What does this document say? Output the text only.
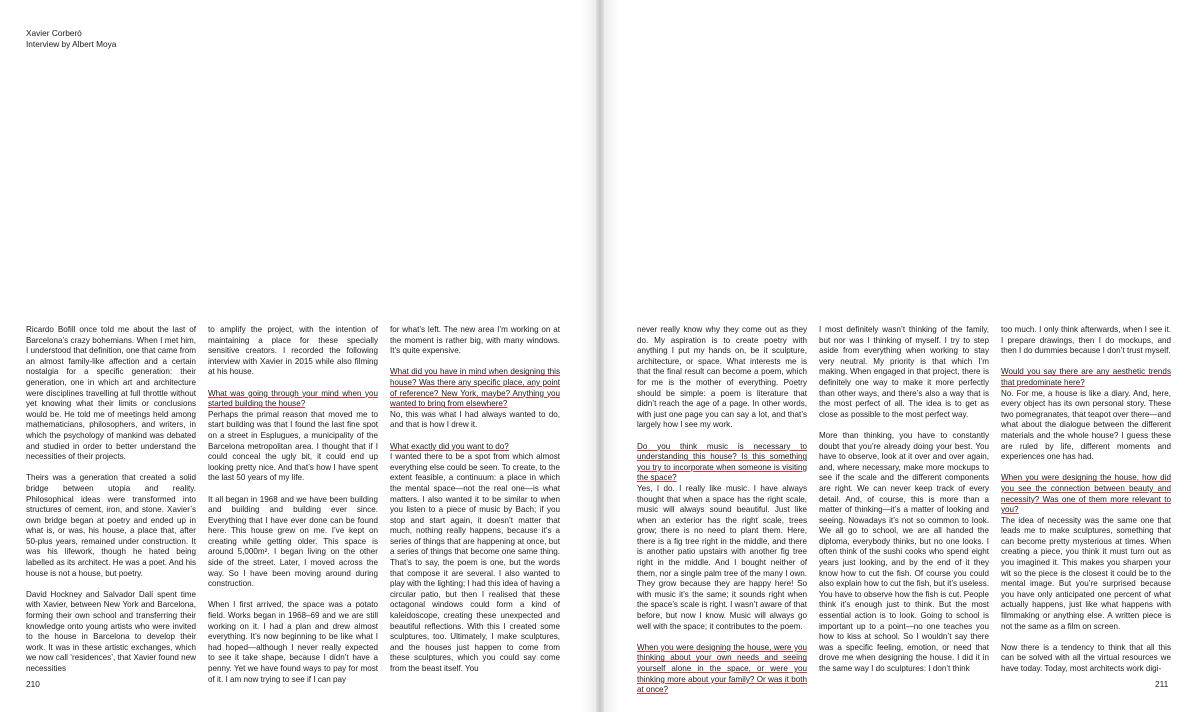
Xavier Corberó
Interview by Albert Moya

Ricardo Bofill once told me about the last of Barcelona’s crazy bohemians. When I met him, I understood that definition, one that came from an almost family-like affection and a certain nostalgia for a specific generation: their generation, one in which art and architecture were disciplines travelling at full throttle without yet knowing what their limits or conclusions would be. He told me of meetings held among mathematicians, philosophers, and writers, in which the psychology of mankind was debated and studied in order to better understand the necessities of their projects.

Theirs was a generation that created a solid bridge between utopia and reality. Philosophical ideas were transformed into structures of cement, iron, and stone. Xavier’s own bridge began at poetry and ended up in what is, or was, his house, a place that, after 50-plus years, remained under construction. It was his lifework, though he hated being labelled as its architect. He was a poet. And his house is not a house, but poetry.

David Hockney and Salvador Dalí spent time with Xavier, between New York and Barcelona, forming their own school and transferring their knowledge onto young artists who were invited to the house in Barcelona to develop their work. It was in these artistic exchanges, which we now call ‘residences’, that Xavier found new necessities

to amplify the project, with the intention of maintaining a place for these specially sensitive creators. I recorded the following interview with Xavier in 2015 while also filming at his house.

What was going through your mind when you started building the house?
Perhaps the primal reason that moved me to start building was that I found the last fine spot on a street in Esplugues, a municipality of the Barcelona metropolitan area. I thought that if I could conceal the ugly bit, it could end up looking pretty nice. And that’s how I have spent the last 50 years of my life.

It all began in 1968 and we have been building and building and building ever since. Everything that I have ever done can be found here. This house grew on me. I’ve kept on creating while getting older. This space is around 5,000m². I began living on the other side of the street. Later, I moved across the way. So I have been moving around during construction.

When I first arrived, the space was a potato field. Works began in 1968–69 and we are still working on it. I had a plan and drew almost everything. It’s now beginning to be like what I had hoped—although I never really expected to see it take shape, because I didn’t have a penny. Yet we have found ways to pay for most of it. I am now trying to see if I can pay

for what’s left. The new area I’m working on at the moment is rather big, with many windows. It’s quite expensive.

What did you have in mind when designing this house? Was there any specific place, any point of reference? New York, maybe? Anything you wanted to bring from elsewhere?
No, this was what I had always wanted to do, and that is how I drew it.

What exactly did you want to do?
I wanted there to be a spot from which almost everything else could be seen. To create, to the extent feasible, a continuum: a place in which the mental space—not the real one—is what matters. I also wanted it to be similar to when you listen to a piece of music by Bach; if you stop and start again, it doesn’t matter that much, nothing really happens, because it’s a series of things that are happening at once, but a series of things that become one same thing. That’s to say, the poem is one, but the words that compose it are several. I also wanted to play with the lighting; I had this idea of having a circular patio, but then I realised that these octagonal windows could form a kind of kaleidoscope, creating these unexpected and beautiful reflections. With this I created some sculptures, too. Ultimately, I make sculptures, and the houses just happen to come from these sculptures, which you could say come from the beast itself. You

210

never really know why they come out as they do. My aspiration is to create poetry with anything I put my hands on, be it sculpture, architecture, or space. What interests me is that the final result can become a poem, which for me is the mother of everything. Poetry should be simple: a poem is literature that didn’t reach the age of a page. In other words, with just one page you can say a lot, and that’s largely how I see my work.

Do you think music is necessary to understanding this house? Is this something you try to incorporate when someone is visiting the space?
Yes, I do. I really like music. I have always thought that when a space has the right scale, music will always sound beautiful. Just like when an exterior has the right scale, trees grow; there is no need to plant them. Here, there is a fig tree right in the middle, and there is another patio upstairs with another fig tree right in the middle. And I bought neither of them, nor a single palm tree of the many I own. They grow because they are happy here! So with music it’s the same; it sounds right when the space’s scale is right. I wasn’t aware of that before, but now I know. Music will always go well with the space; it contributes to the poem.

When you were designing the house, were you thinking about your own needs and seeing yourself alone in the space, or were you thinking more about your family? Or was it both at once?

I most definitely wasn’t thinking of the family, but nor was I thinking of myself. I try to step aside from everything when working to stay very neutral. My priority is that which I’m making. When engaged in that project, there is definitely one way to make it more perfectly than other ways, and there’s also a way that is the most perfect of all. The idea is to get as close as possible to the most perfect way.

More than thinking, you have to constantly doubt that you’re already doing your best. You have to observe, look at it over and over again, and, where necessary, make more mockups to see if the scale and the different components are right. We can never keep track of every detail. And, of course, this is more than a matter of thinking—it’s a matter of looking and seeing. Nowadays it’s not so common to look. We all go to school, we are all handed the diploma, everybody thinks, but no one looks. I often think of the sushi cooks who spend eight years just looking, and by the end of it they know how to cut the fish. Of course you could also explain how to cut the fish, but it’s useless. You have to observe how the fish is cut. People think it’s enough just to think. But the most essential action is to look. Going to school is important up to a point—no one teaches you how to kiss at school. So I wouldn’t say there was a specific feeling, emotion, or need that drove me when designing the house. I did it in the same way I do sculptures: I don’t think

too much. I only think afterwards, when I see it. I prepare drawings, then I do mockups, and then I do dummies because I don’t trust myself.

Would you say there are any aesthetic trends that predominate here?
No. For me, a house is like a diary. And, here, every object has its own personal story. These two pomegranates, that teapot over there—and what about the dialogue between the different materials and the whole house? I guess these are ruled by life, different moments and experiences one has had.

When you were designing the house, how did you see the connection between beauty and necessity? Was one of them more relevant to you?
The idea of necessity was the same one that leads me to make sculptures, something that can become pretty mysterious at times. When creating a piece, you think it must turn out as you imagined it. This makes you sharpen your wit so the piece is the closest it could be to the mental image. But you’re surprised because you have only anticipated one percent of what actually happens, just like what happens with filmmaking or anything else. A written piece is not the same as a film on screen.

Now there is a tendency to think that all this can be solved with all the virtual resources we have today. Today, most architects work digi-

211
